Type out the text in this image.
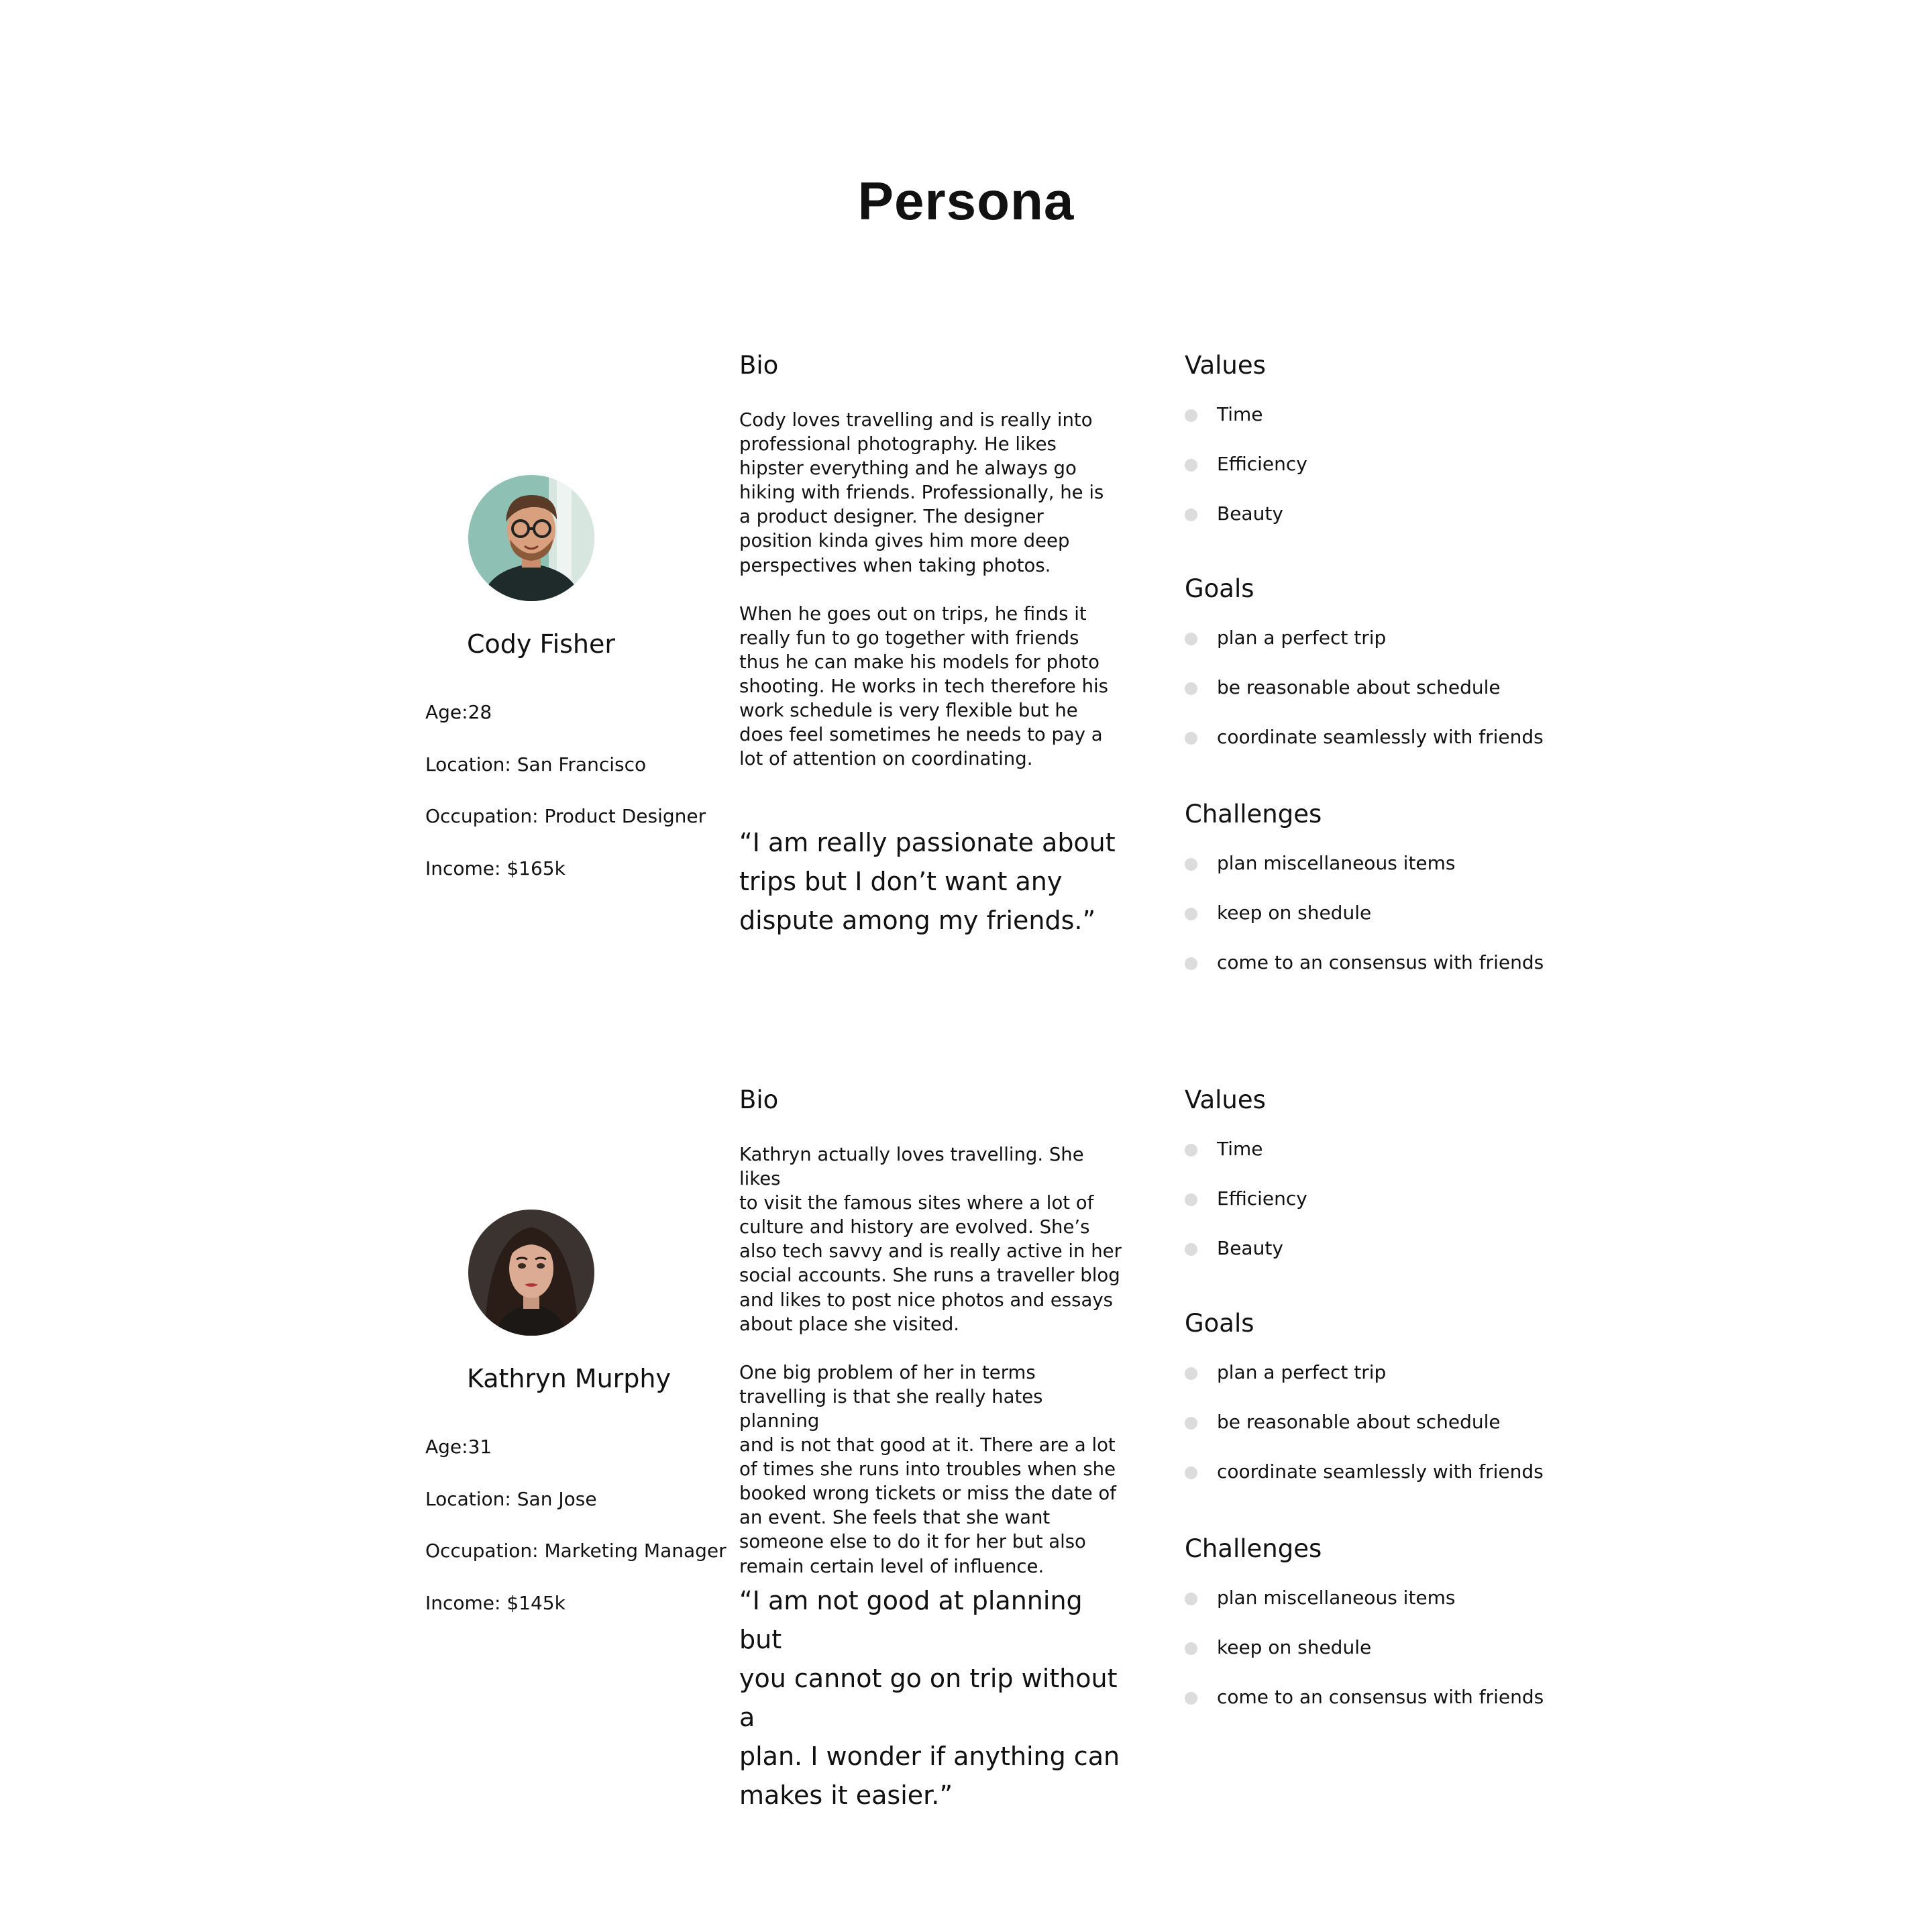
Persona
Cody Fisher
Age:28
Location: San Francisco
Occupation: Product Designer
Income: $165k
Bio

Cody loves travelling and is really into
professional photography. He likes
hipster everything and he always go
hiking with friends. Professionally, he is
a product designer. The designer
position kinda gives him more deep
perspectives when taking photos.

When he goes out on trips, he finds it
really fun to go together with friends
thus he can make his models for photo
shooting. He works in tech therefore his
work schedule is very flexible but he
does feel sometimes he needs to pay a
lot of attention on coordinating.

“I am really passionate about
trips but I don’t want any
dispute among my friends.”
Values
Time
Efficiency
Beauty
Goals
plan a perfect trip
be reasonable about schedule
coordinate seamlessly with friends
Challenges
plan miscellaneous items
keep on shedule
come to an consensus with friends
Kathryn Murphy
Age:31
Location: San Jose
Occupation: Marketing Manager
Income: $145k
Bio

Kathryn actually loves travelling. She likes
to visit the famous sites where a lot of
culture and history are evolved. She’s
also tech savvy and is really active in her
social accounts. She runs a traveller blog
and likes to post nice photos and essays
about place she visited.

One big problem of her in terms
travelling is that she really hates planning
and is not that good at it. There are a lot
of times she runs into troubles when she
booked wrong tickets or miss the date of
an event. She feels that she want
someone else to do it for her but also
remain certain level of influence.

“I am not good at planning but
you cannot go on trip without a
plan. I wonder if anything can
makes it easier.”
Values
Time
Efficiency
Beauty
Goals
plan a perfect trip
be reasonable about schedule
coordinate seamlessly with friends
Challenges
plan miscellaneous items
keep on shedule
come to an consensus with friends
